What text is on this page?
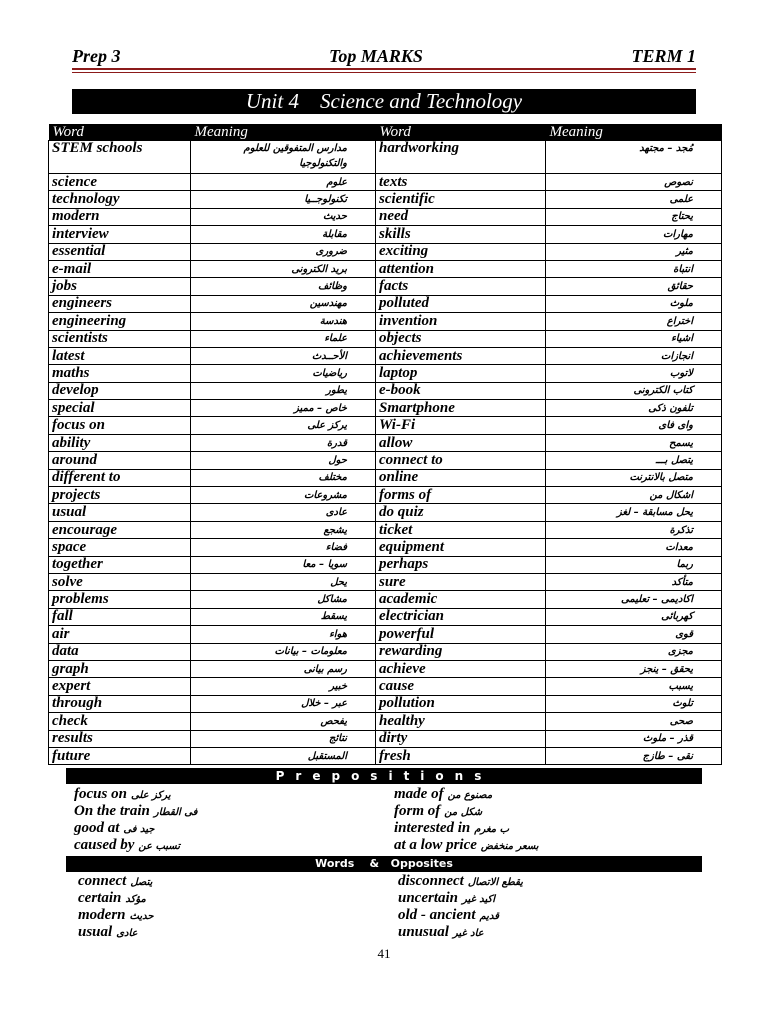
Prep 3	Top MARKS	TERM 1
Unit 4    Science and Technology
Word	Meaning	Word	Meaning
STEM schools	مدارس المتفوقين للعلوم والتكنولوجيا	hardworking	مُجد – مجتهد
science	علوم	texts	نصوص
technology	تكنولوجــيا	scientific	علمى
modern	حديث	need	يحتاج
interview	مقابلة	skills	مهارات
essential	ضرورى	exciting	مثير
e-mail	بريد الكترونى	attention	انتباة
jobs	وظائف	facts	حقائق
engineers	مهندسين	polluted	ملوث
engineering	هندسة	invention	اختراع
scientists	علماء	objects	اشياء
latest	الأحــدث	achievements	انجازات
maths	رياضيات	laptop	لاتوب
develop	يطور	e-book	كتاب الكترونى
special	خاص – مميز	Smartphone	تلفون ذكى
focus on	يركز على	Wi-Fi	واى فاى
ability	قدرة	allow	يسمح
around	حول	connect to	يتصل بـــ
different to	مختلف	online	متصل بالانترنت
projects	مشروعات	forms of	اشكال من
usual	عادى	do quiz	يحل مسابقة – لغز
encourage	يشجع	ticket	تذكرة
space	فضاء	equipment	معدات
together	سويا – معا	perhaps	ربما
solve	يحل	sure	متأكد
problems	مشاكل	academic	اكاديمى – تعليمى
fall	يسقط	electrician	كهربائى
air	هواء	powerful	قوى
data	معلومات – بيانات	rewarding	مجزى
graph	رسم بيانى	achieve	يحقق – ينجز
expert	خبير	cause	يسبب
through	عبر – خلال	pollution	تلوث
check	يفحص	healthy	صحى
results	نتائج	dirty	قذر – ملوث
future	المستقبل	fresh	نقى – طازج
Prepositions
focus on يركز على
On the train فى القطار
good at جيد فى
caused by تسبب عن
made of مصنوع من
form of شكل من
interested in ب مغرم
at a low price بسعر منخفض
Words    &   Opposites
connect يتصل
certain مؤكد
modern حديث
usual عادى
disconnect يقطع الاتصال
uncertain اكيد غير
old - ancient قديم
unusual عاد غير
41
